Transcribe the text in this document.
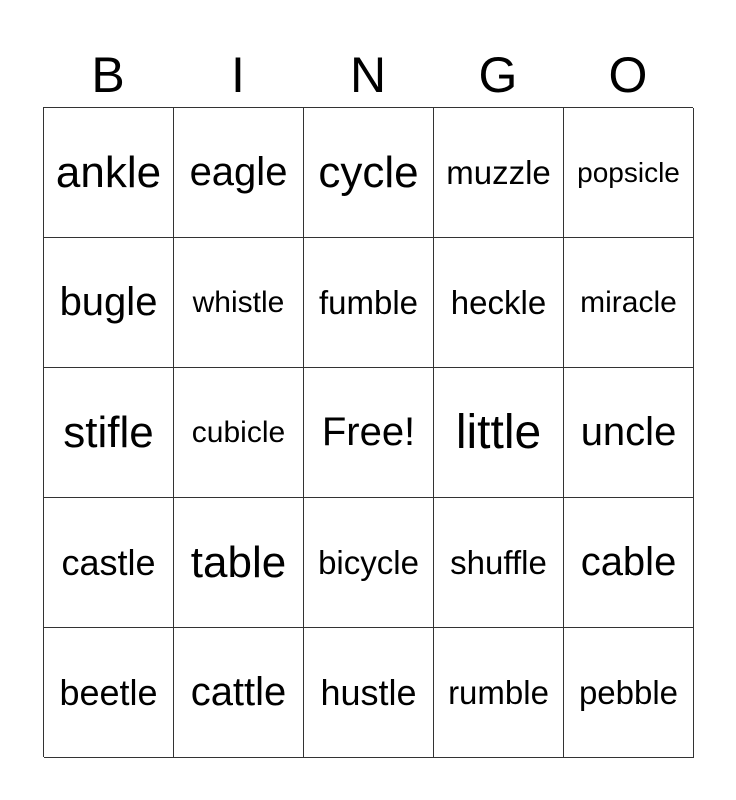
B	I	N	G	O
ankle eagle cycle muzzle popsicle
bugle	whistle	fumble heckle	miracle
stifle	cubicle Free! little uncle
castle table bicycle shuffle cable
beetle cattle hustle rumble pebble
